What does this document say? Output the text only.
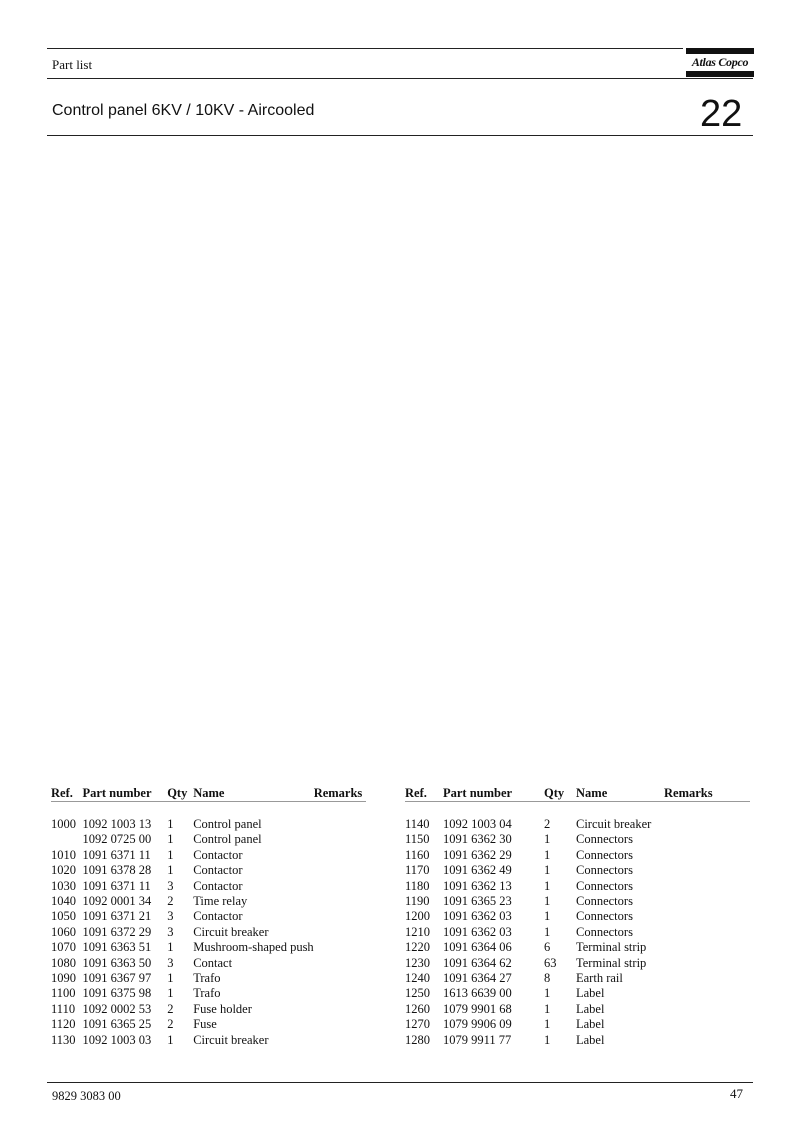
Part list	Atlas Copco
Control panel 6KV / 10KV - Aircooled	22
Ref.	Part number	Qty	Name	Remarks

1000	1092 1003 13	1	Control panel	
	1092 0725 00	1	Control panel	
1010	1091 6371 11	1	Contactor	
1020	1091 6378 28	1	Contactor	
1030	1091 6371 11	3	Contactor	
1040	1092 0001 34	2	Time relay	
1050	1091 6371 21	3	Contactor	
1060	1091 6372 29	3	Circuit breaker	
1070	1091 6363 51	1	Mushroom-shaped push	
1080	1091 6363 50	3	Contact	
1090	1091 6367 97	1	Trafo	
1100	1091 6375 98	1	Trafo	
1110	1092 0002 53	2	Fuse holder	
1120	1091 6365 25	2	Fuse	
1130	1092 1003 03	1	Circuit breaker	
Ref.	Part number	Qty	Name	Remarks

1140	1092 1003 04	2	Circuit breaker	
1150	1091 6362 30	1	Connectors	
1160	1091 6362 29	1	Connectors	
1170	1091 6362 49	1	Connectors	
1180	1091 6362 13	1	Connectors	
1190	1091 6365 23	1	Connectors	
1200	1091 6362 03	1	Connectors	
1210	1091 6362 03	1	Connectors	
1220	1091 6364 06	6	Terminal strip	
1230	1091 6364 62	63	Terminal strip	
1240	1091 6364 27	8	Earth rail	
1250	1613 6639 00	1	Label	
1260	1079 9901 68	1	Label	
1270	1079 9906 09	1	Label	
1280	1079 9911 77	1	Label	
9829 3083 00	47
